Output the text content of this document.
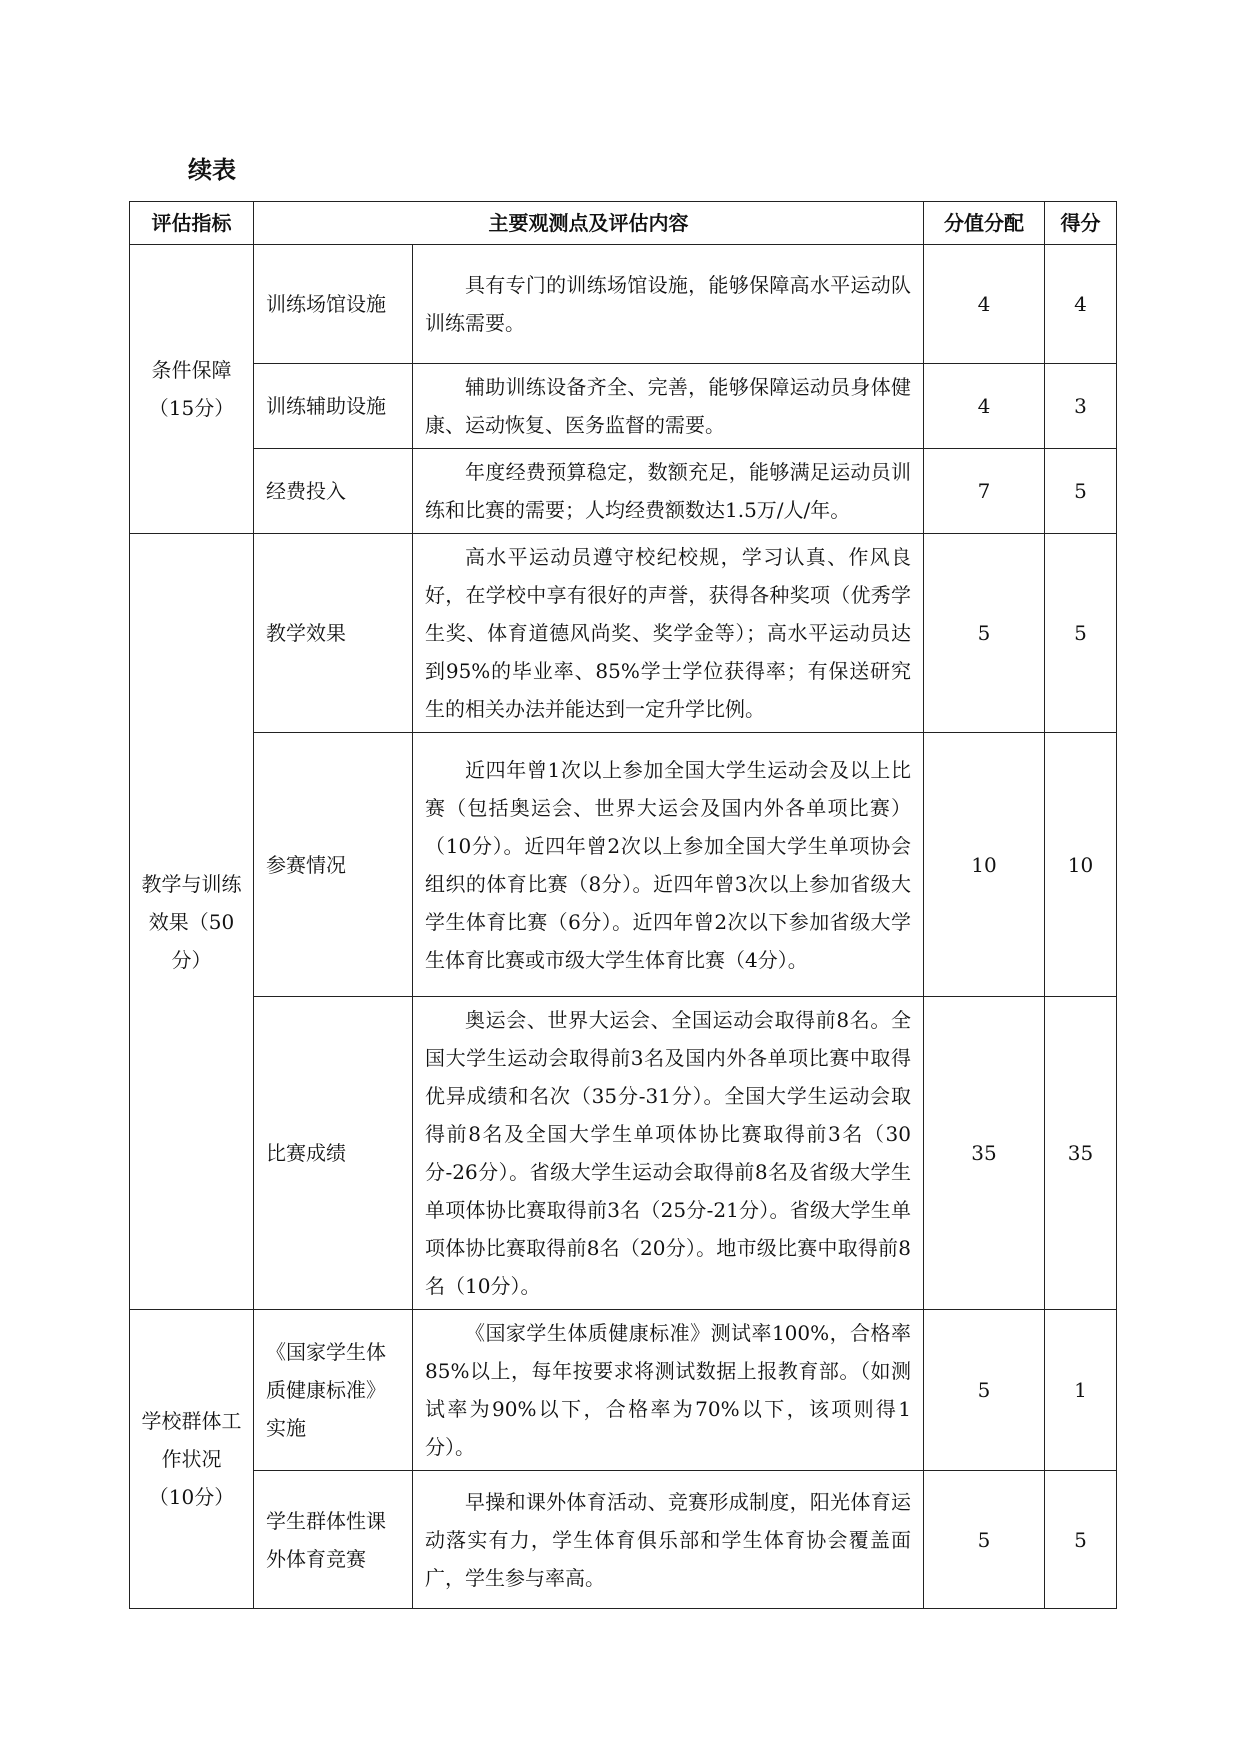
续表
评估指标	主要观测点及评估内容		分值分配	得分
条件保障（15分）	训练场馆设施	具有专门的训练场馆设施，能够保障高水平运动队训练需要。	4	4
	训练辅助设施	辅助训练设备齐全、完善，能够保障运动员身体健康、运动恢复、医务监督的需要。	4	3
	经费投入	年度经费预算稳定，数额充足，能够满足运动员训练和比赛的需要；人均经费额数达1.5万/人/年。	7	5
教学与训练效果（50分）	教学效果	高水平运动员遵守校纪校规，学习认真、作风良好，在学校中享有很好的声誉，获得各种奖项（优秀学生奖、体育道德风尚奖、奖学金等）；高水平运动员达到95%的毕业率、85%学士学位获得率；有保送研究生的相关办法并能达到一定升学比例。	5	5
	参赛情况	近四年曾1次以上参加全国大学生运动会及以上比赛（包括奥运会、世界大运会及国内外各单项比赛）（10分）。近四年曾2次以上参加全国大学生单项协会组织的体育比赛（8分）。近四年曾3次以上参加省级大学生体育比赛（6分）。近四年曾2次以下参加省级大学生体育比赛或市级大学生体育比赛（4分）。	10	10
	比赛成绩	奥运会、世界大运会、全国运动会取得前8名。全国大学生运动会取得前3名及国内外各单项比赛中取得优异成绩和名次（35分-31分）。全国大学生运动会取得前8名及全国大学生单项体协比赛取得前3名（30分-26分）。省级大学生运动会取得前8名及省级大学生单项体协比赛取得前3名（25分-21分）。省级大学生单项体协比赛取得前8名（20分）。地市级比赛中取得前8名（10分）。	35	35
学校群体工作状况（10分）	《国家学生体质健康标准》实施	《国家学生体质健康标准》测试率100%，合格率85%以上，每年按要求将测试数据上报教育部。（如测试率为90%以下，合格率为70%以下，该项则得1分）。	5	1
	学生群体性课外体育竞赛	早操和课外体育活动、竞赛形成制度，阳光体育运动落实有力，学生体育俱乐部和学生体育协会覆盖面广，学生参与率高。	5	5
